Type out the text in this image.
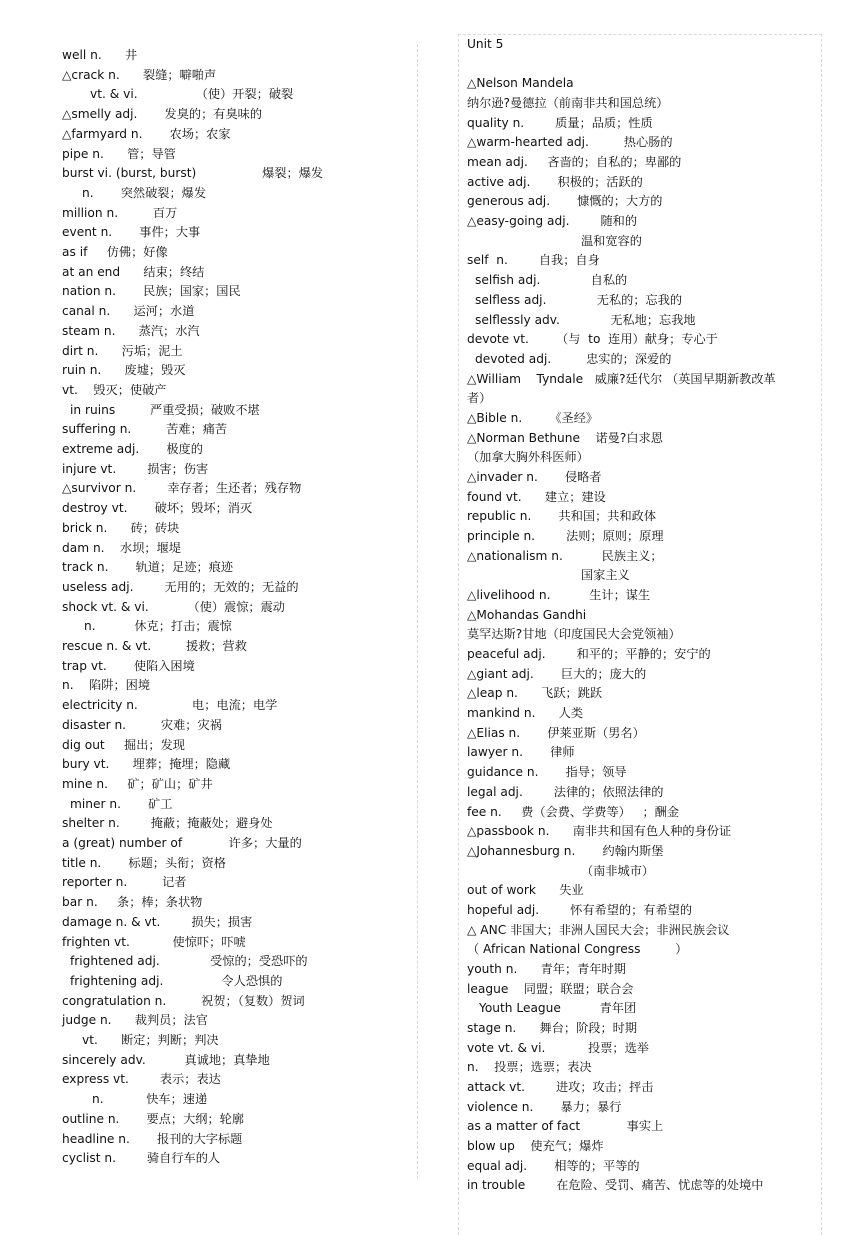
well n.      井
△crack n.      裂缝；噼啪声
vt. & vi.               （使）开裂；破裂
△smelly adj.       发臭的；有臭味的
△farmyard n.       农场；农家
pipe n.      管；导管
burst vi. (burst, burst)                 爆裂；爆发
n.       突然破裂；爆发
million n.         百万
event n.       事件；大事
as if     仿佛；好像
at an end      结束；终结
nation n.       民族；国家；国民
canal n.      运河；水道
steam n.      蒸汽；水汽
dirt n.      污垢；泥土
ruin n.      废墟；毁灭
vt.    毁灭；使破产
in ruins         严重受损；破败不堪
suffering n.         苦难；痛苦
extreme adj.       极度的
injure vt.        损害；伤害
△survivor n.        幸存者；生还者；残存物
destroy vt.       破坏；毁坏；消灭
brick n.      砖；砖块
dam n.    水坝；堰堤
track n.       轨道；足迹；痕迹
useless adj.        无用的；无效的；无益的
shock vt. & vi.          （使）震惊；震动
n.          休克；打击；震惊
rescue n. & vt.         援救；营救
trap vt.       使陷入困境
n.    陷阱；困境
electricity n.              电；电流；电学
disaster n.         灾难；灾祸
dig out     掘出；发现
bury vt.      埋葬；掩埋；隐藏
mine n.     矿；矿山；矿井
miner n.       矿工
shelter n.        掩蔽；掩蔽处；避身处
a (great) number of            许多；大量的
title n.       标题；头衔；资格
reporter n.         记者
bar n.     条；棒；条状物
damage n. & vt.        损失；损害
frighten vt.           使惊吓；吓唬
frightened adj.             受惊的；受恐吓的
frightening adj.               令人恐惧的
congratulation n.         祝贺；（复数）贺词
judge n.      裁判员；法官
vt.      断定；判断；判决
sincerely adv.          真诚地；真挚地
express vt.        表示；表达
n.           快车；速递
outline n.       要点；大纲；轮廓
headline n.       报刊的大字标题
cyclist n.        骑自行车的人
Unit 5
△Nelson Mandela
纳尔逊?曼德拉（前南非共和国总统）
quality n.        质量；品质；性质
△warm-hearted adj.         热心肠的
mean adj.     吝啬的；自私的；卑鄙的
active adj.       积极的；活跃的
generous adj.       慷慨的；大方的
△easy-going adj.        随和的
温和宽容的
self  n.        自我；自身
selfish adj.             自私的
selfless adj.             无私的；忘我的
selflessly adv.             无私地；忘我地
devote vt.       （与  to  连用）献身；专心于
devoted adj.         忠实的；深爱的
△William    Tyndale   威廉?廷代尔 （英国早期新教改革
者）
△Bible n.       《圣经》
△Norman Bethune    诺曼?白求恩
（加拿大胸外科医师）
△invader n.       侵略者
found vt.      建立；建设
republic n.       共和国；共和政体
principle n.        法则；原则；原理
△nationalism n.          民族主义；
国家主义
△livelihood n.          生计；谋生
△Mohandas Gandhi
莫罕达斯?甘地（印度国民大会党领袖）
peaceful adj.        和平的；平静的；安宁的
△giant adj.       巨大的；庞大的
△leap n.      飞跃；跳跃
mankind n.      人类
△Elias n.       伊莱亚斯（男名）
lawyer n.       律师
guidance n.       指导；领导
legal adj.        法律的；依照法律的
fee n.     费（会费、学费等）   ；酬金
△passbook n.      南非共和国有色人种的身份证
△Johannesburg n.       约翰内斯堡
（南非城市）
out of work      失业
hopeful adj.        怀有希望的；有希望的
△ ANC 非国大；非洲人国民大会；非洲民族会议
（ African National Congress         ）
youth n.      青年；青年时期
league    同盟；联盟；联合会
Youth League          青年团
stage n.      舞台；阶段；时期
vote vt. & vi.           投票；选举
n.    投票；选票；表决
attack vt.        进攻；攻击；抨击
violence n.       暴力；暴行
as a matter of fact            事实上
blow up    使充气；爆炸
equal adj.       相等的；平等的
in trouble        在危险、受罚、痛苦、忧虑等的处境中
